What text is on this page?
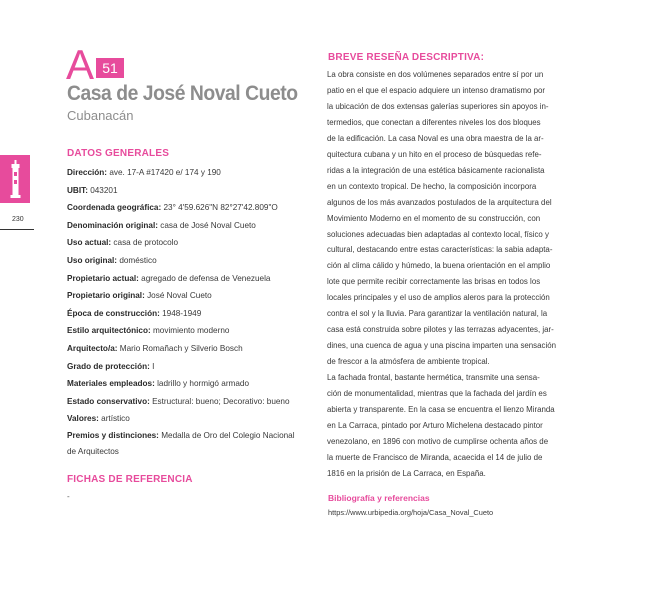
A 51
Casa de José Noval Cueto
Cubanacán
230
DATOS GENERALES
Dirección: ave. 17-A #17420 e/ 174 y 190
UBIT: 043201
Coordenada geográfica: 23° 4'59.626"N 82°27'42.809"O
Denominación original: casa de José Noval Cueto
Uso actual: casa de protocolo
Uso original: doméstico
Propietario actual: agregado de defensa de Venezuela
Propietario original: José Noval Cueto
Época de construcción: 1948-1949
Estilo arquitectónico: movimiento moderno
Arquitecto/a: Mario Romañach y Silverio Bosch
Grado de protección: I
Materiales empleados: ladrillo y hormigó armado
Estado conservativo: Estructural: bueno; Decorativo: bueno
Valores: artístico
Premios y distinciones: Medalla de Oro del Colegio Nacional
de Arquitectos
FICHAS DE REFERENCIA
-
BREVE RESEÑA DESCRIPTIVA:

La obra consiste en dos volúmenes separados entre sí por un

patio en el que el espacio adquiere un intenso dramatismo por

la ubicación de dos extensas galerías superiores sin apoyos in-

termedios, que conectan a diferentes niveles los dos bloques

de la edificación. La casa Noval es una obra maestra de la ar-

quitectura cubana y un hito en el proceso de búsquedas refe-

ridas a la integración de una estética básicamente racionalista

en un contexto tropical. De hecho, la composición incorpora

algunos de los más avanzados postulados de la arquitectura del

Movimiento Moderno en el momento de su construcción, con

soluciones adecuadas bien adaptadas al contexto local, físico y

cultural, destacando entre estas características: la sabia adapta-

ción al clima cálido y húmedo, la buena orientación en el amplio

lote que permite recibir correctamente las brisas en todos los

locales principales y el uso de amplios aleros para la protección

contra el sol y la lluvia. Para garantizar la ventilación natural, la

casa está construida sobre pilotes y las terrazas adyacentes, jar-

dines, una cuenca de agua y una piscina imparten una sensación

de frescor a la atmósfera de ambiente tropical.

La fachada frontal, bastante hermética, transmite una sensa-

ción de monumentalidad, mientras que la fachada del jardín es

abierta y transparente. En la casa se encuentra el lienzo Miranda

en La Carraca, pintado por Arturo Michelena destacado pintor

venezolano, en 1896 con motivo de cumplirse ochenta años de

la muerte de Francisco de Miranda, acaecida el 14 de julio de

1816 en la prisión de La Carraca, en España.

Bibliografía y referencias
https://www.urbipedia.org/hoja/Casa_Noval_Cueto
